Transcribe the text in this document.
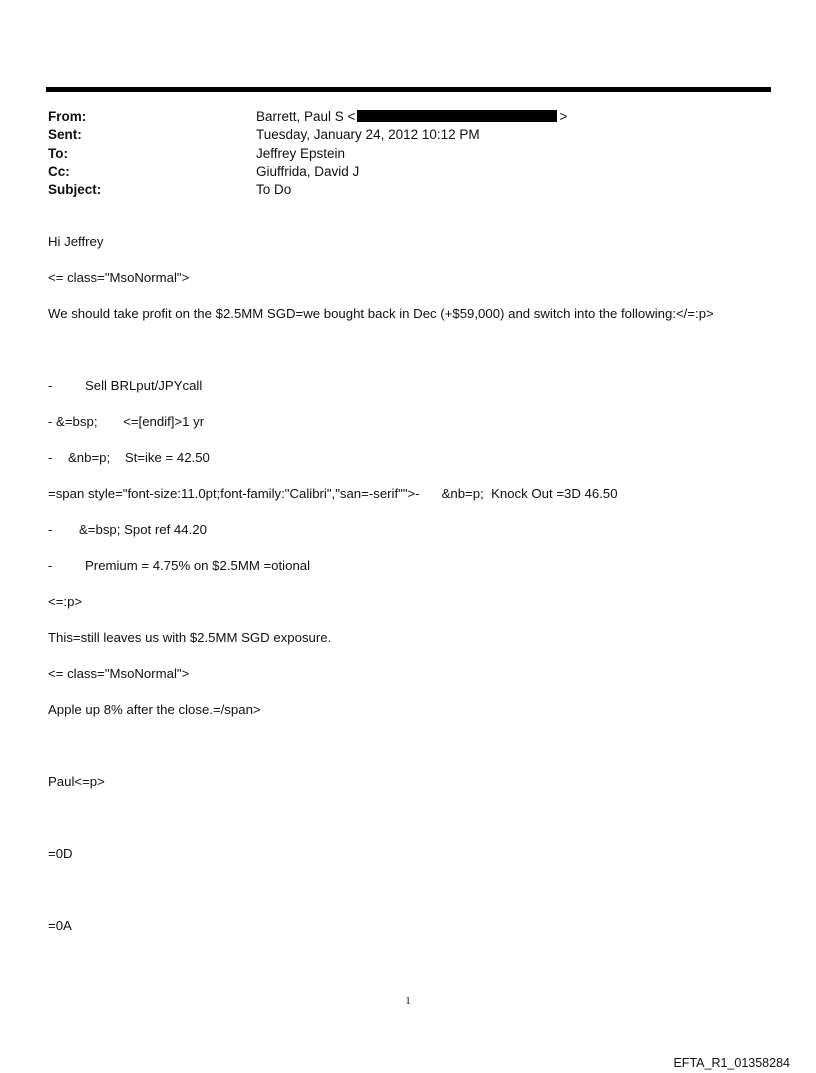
From:	Barrett, Paul S <	>
Sent:	Tuesday, January 24, 2012 10:12 PM
To:	Jeffrey Epstein
Cc:	Giuffrida, David J
Subject:	To Do
Hi Jeffrey
<= class="MsoNormal">
We should take profit on the $2.5MM SGD=we bought back in Dec (+$59,000) and switch into the following:</=:p>
- Sell BRLput/JPYcall
- &=bsp;       <=[endif]>1 yr
- &nb=p;    St=ike = 42.50
=span style="font-size:11.0pt;font-family:"Calibri","san=-serif"">-      &nb=p;  Knock Out =3D 46.50
- &=bsp; Spot ref 44.20
- Premium = 4.75% on $2.5MM =otional
<=:p>
This=still leaves us with $2.5MM SGD exposure.
<= class="MsoNormal">
Apple up 8% after the close.=/span>
Paul<=p>
=0D
=0A
1
EFTA_R1_01358284
